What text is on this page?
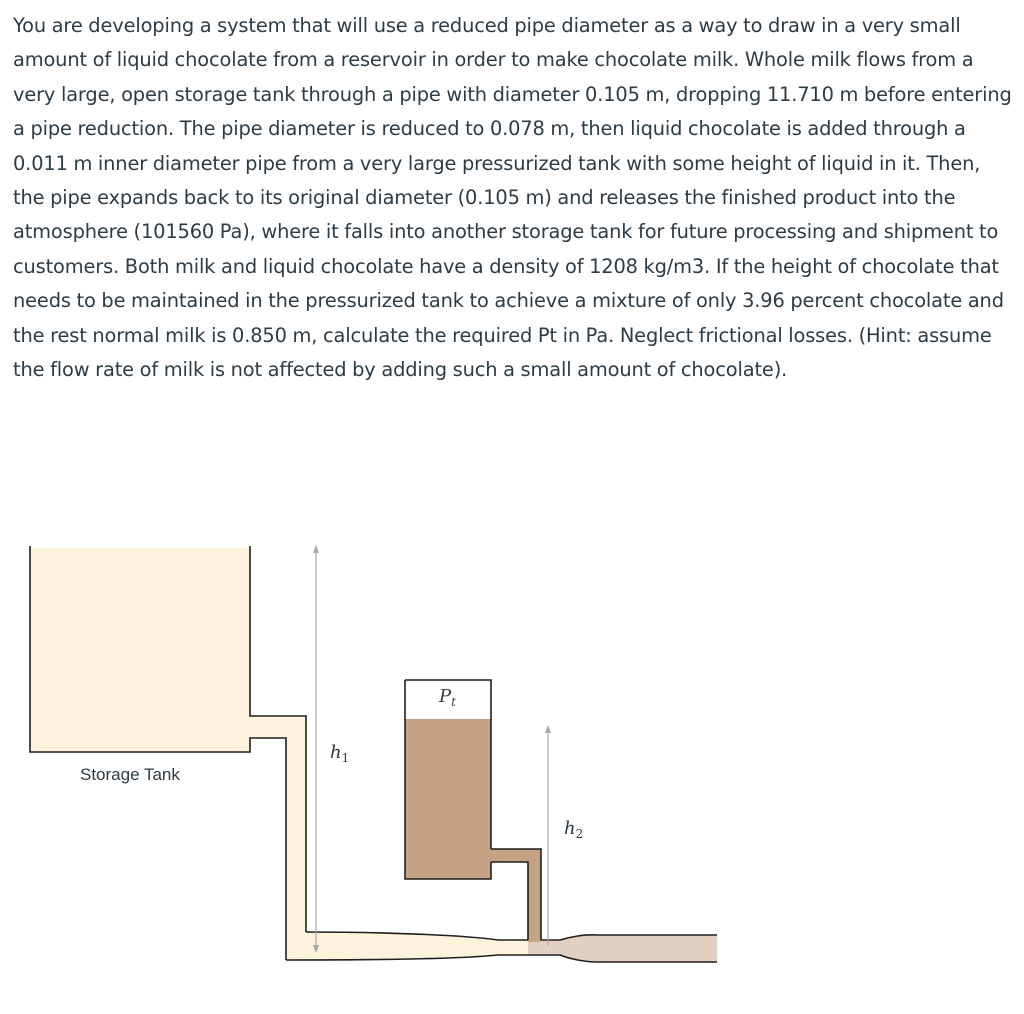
You are developing a system that will use a reduced pipe diameter as a way to draw in a very small amount of liquid chocolate from a reservoir in order to make chocolate milk. Whole milk flows from a very large, open storage tank through a pipe with diameter 0.105 m, dropping 11.710 m before entering a pipe reduction. The pipe diameter is reduced to 0.078 m, then liquid chocolate is added through a 0.011 m inner diameter pipe from a very large pressurized tank with some height of liquid in it. Then, the pipe expands back to its original diameter (0.105 m) and releases the finished product into the atmosphere (101560 Pa), where it falls into another storage tank for future processing and shipment to customers. Both milk and liquid chocolate have a density of 1208 kg/m3. If the height of chocolate that needs to be maintained in the pressurized tank to achieve a mixture of only 3.96 percent chocolate and the rest normal milk is 0.850 m, calculate the required Pt in Pa. Neglect frictional losses. (Hint: assume the flow rate of milk is not affected by adding such a small amount of chocolate).

Storage Tank
$h_1$
$h_2$
$P_t$
